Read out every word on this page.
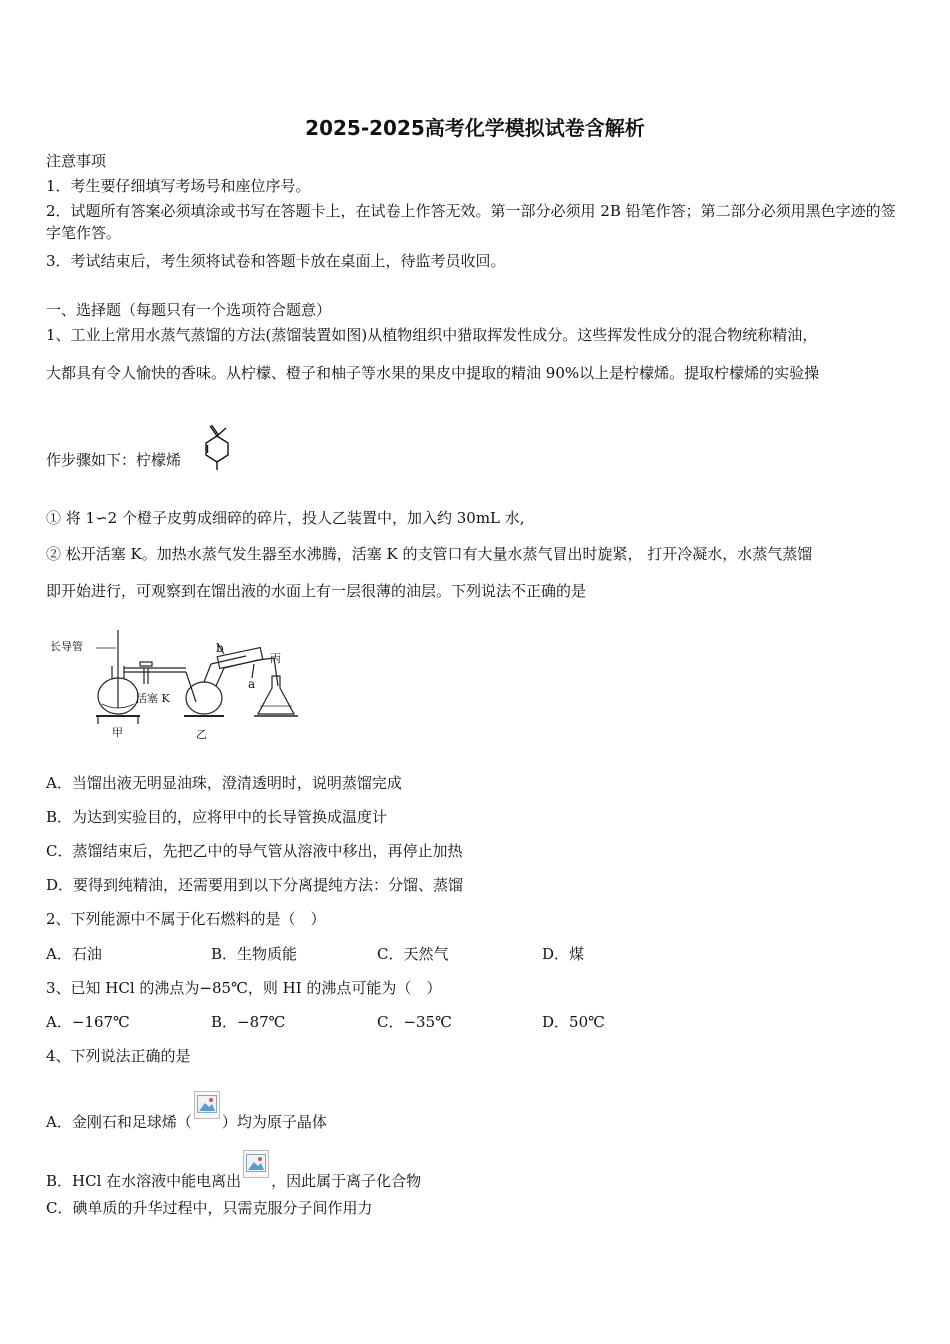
2025-2025高考化学模拟试卷含解析
注意事项
1．考生要仔细填写考场号和座位序号。
2．试题所有答案必须填涂或书写在答题卡上，在试卷上作答无效。第一部分必须用 2B 铅笔作答；第二部分必须用黑色字迹的签字笔作答。
3．考试结束后，考生须将试卷和答题卡放在桌面上，待监考员收回。
一、选择题（每题只有一个选项符合题意）
1、工业上常用水蒸气蒸馏的方法(蒸馏装置如图)从植物组织中猎取挥发性成分。这些挥发性成分的混合物统称精油，
大都具有令人愉快的香味。从柠檬、橙子和柚子等水果的果皮中提取的精油 90%以上是柠檬烯。提取柠檬烯的实验操
作步骤如下：柠檬烯
① 将 1∽2 个橙子皮剪成细碎的碎片，投人乙装置中，加入约 30mL 水,
② 松开活塞 K。加热水蒸气发生器至水沸腾，活塞 K 的支管口有大量水蒸气冒出时旋紧， 打开冷凝水，水蒸气蒸馏
即开始进行，可观察到在馏出液的水面上有一层很薄的油层。下列说法不正确的是
长导管
活塞 K
b
a
丙
甲	乙
A．当馏出液无明显油珠，澄清透明时，说明蒸馏完成
B．为达到实验目的，应将甲中的长导管换成温度计
C．蒸馏结束后，先把乙中的导气管从溶液中移出，再停止加热
D．要得到纯精油，还需要用到以下分离提纯方法：分馏、蒸馏
2、下列能源中不属于化石燃料的是（　）
A．石油	B．生物质能	C．天然气	D．煤
3、已知 HCl 的沸点为−85℃，则 HI 的沸点可能为（　）
A．−167℃	B．−87℃	C．−35℃	D．50℃
4、下列说法正确的是
A．金刚石和足球烯（ ）均为原子晶体
B．HCl 在水溶液中能电离出 ，因此属于离子化合物
C．碘单质的升华过程中，只需克服分子间作用力
